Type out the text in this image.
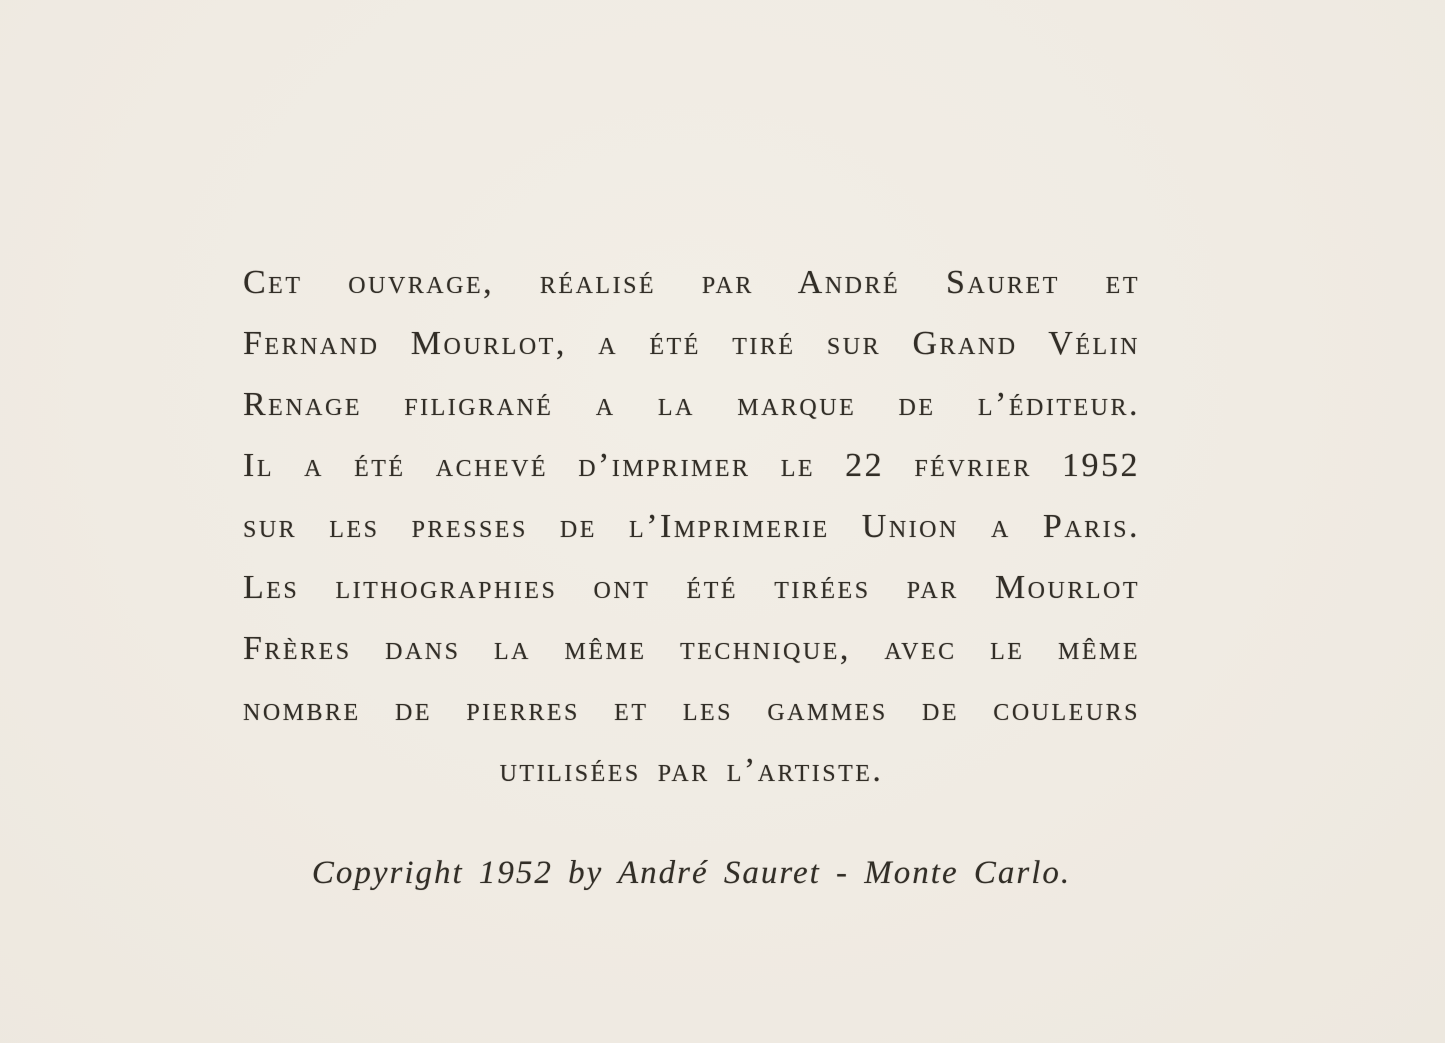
Cet ouvrage, réalisé par André Sauret et
Fernand Mourlot, a été tiré sur Grand Vélin
Renage filigrané a la marque de l’éditeur.
Il a été achevé d’imprimer le 22 février 1952
sur les presses de l’Imprimerie Union a Paris.
Les lithographies ont été tirées par Mourlot
Frères dans la même technique, avec le même
nombre de pierres et les gammes de couleurs
utilisées par l’artiste.
Copyright 1952 by André Sauret - Monte Carlo.
